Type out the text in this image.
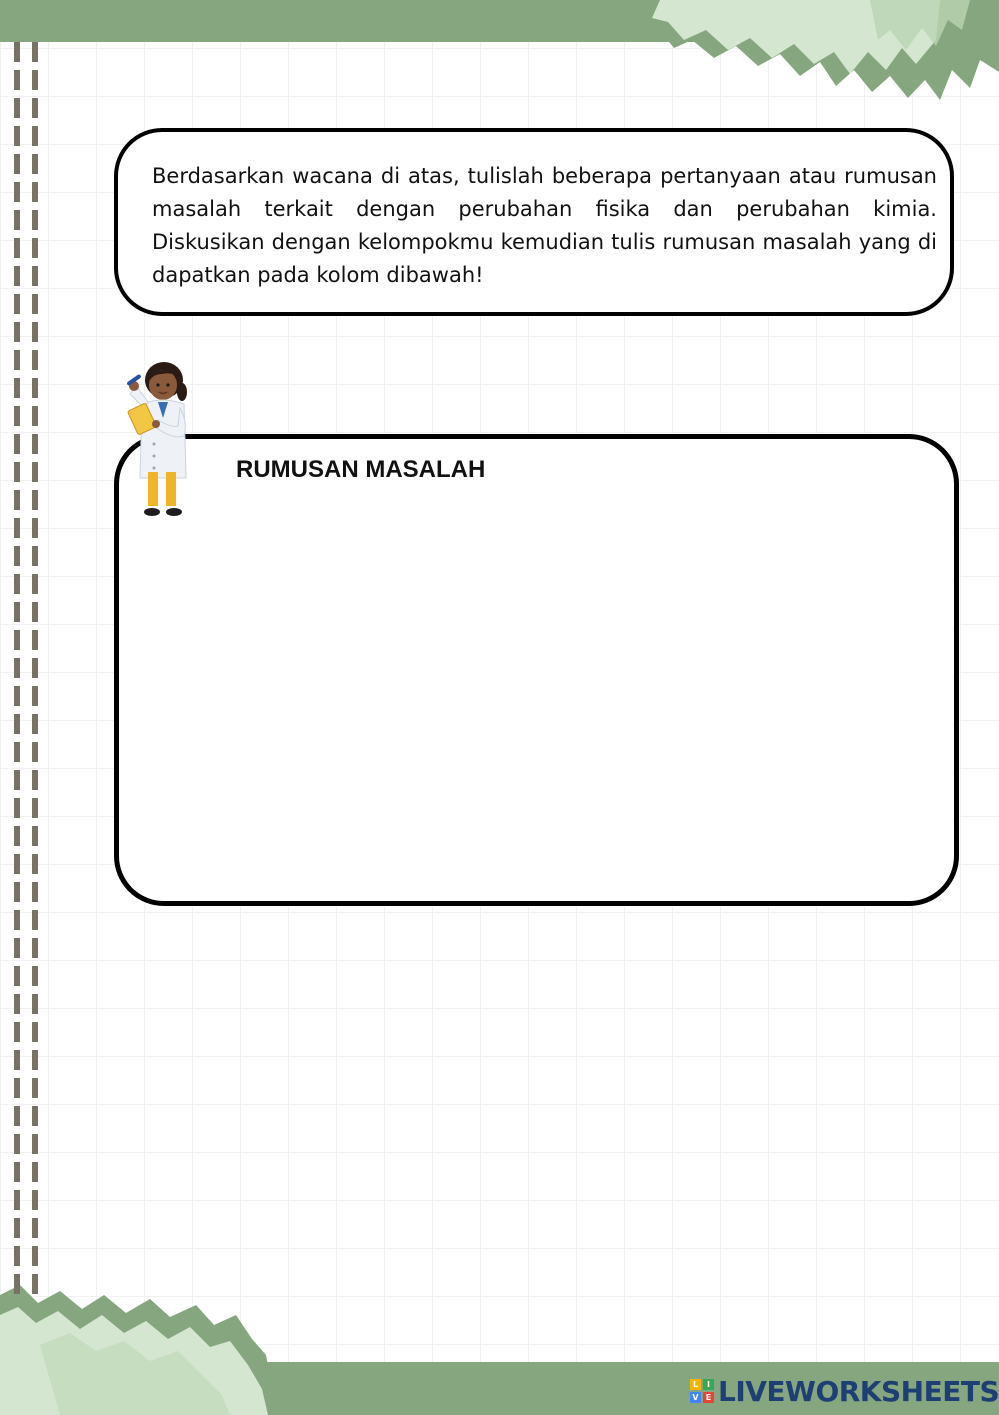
Berdasarkan wacana di atas, tulislah beberapa pertanyaan atau rumusan masalah terkait dengan perubahan fisika dan perubahan kimia. Diskusikan dengan kelompokmu kemudian tulis rumusan masalah yang di dapatkan pada kolom dibawah!

RUMUSAN MASALAH
L	I
V E LIVEWORKSHEETS
